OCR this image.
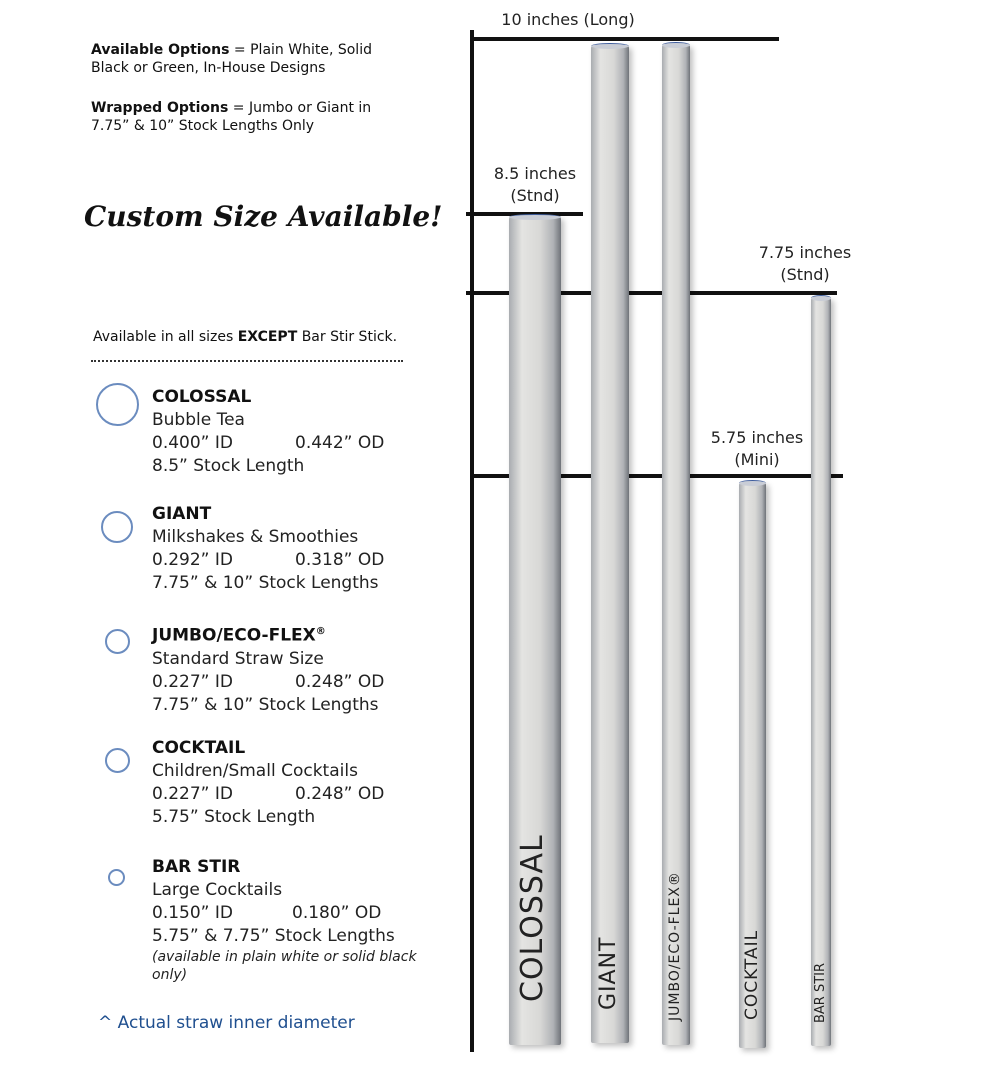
Available Options = Plain White, Solid Black or Green, In-House Designs
Wrapped Options = Jumbo or Giant in 7.75” & 10” Stock Lengths Only
Custom Size Available!
Available in all sizes EXCEPT Bar Stir Stick.
COLOSSAL
Bubble Tea
0.400” ID	0.442” OD
8.5” Stock Length
GIANT
Milkshakes & Smoothies
0.292” ID	0.318” OD
7.75” & 10” Stock Lengths
JUMBO/ECO-FLEX®
Standard Straw Size
0.227” ID	0.248” OD
7.75” & 10” Stock Lengths
COCKTAIL
Children/Small Cocktails
0.227” ID	0.248” OD
5.75” Stock Length
BAR STIR
Large Cocktails
0.150” ID	0.180” OD
5.75” & 7.75” Stock Lengths
(available in plain white or solid black only)
^ Actual straw inner diameter
10 inches (Long)
8.5 inches
(Stnd)
7.75 inches
(Stnd)
5.75 inches
(Mini)
COLOSSAL GIANT	JUMBO/ECO-FLEX®	COCKTAIL	BAR STIR
